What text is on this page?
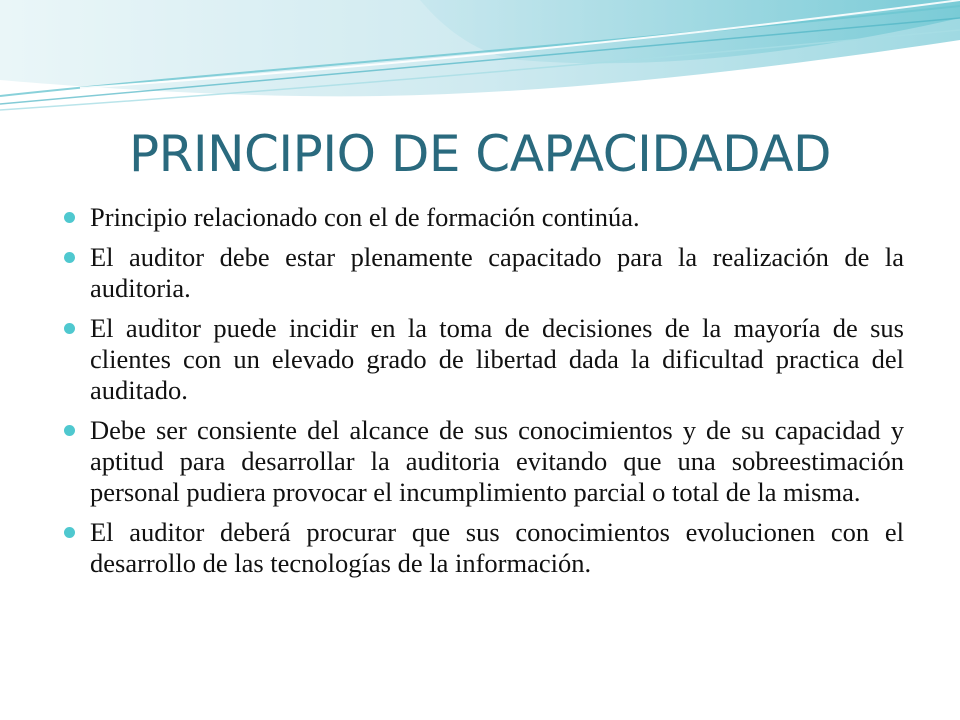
PRINCIPIO DE CAPACIDADAD
Principio relacionado con el de formación continúa.
El auditor debe estar plenamente capacitado para la realización de la auditoria.
El auditor puede incidir en la toma de decisiones de la mayoría de sus clientes con un elevado grado de libertad dada la dificultad practica del auditado.
Debe ser consiente del alcance de sus conocimientos y de su capacidad y aptitud para desarrollar la auditoria evitando que una sobreestimación personal pudiera provocar el incumplimiento parcial o total de la misma.
El auditor deberá procurar que sus conocimientos evolucionen con el desarrollo de las tecnologías de la información.
